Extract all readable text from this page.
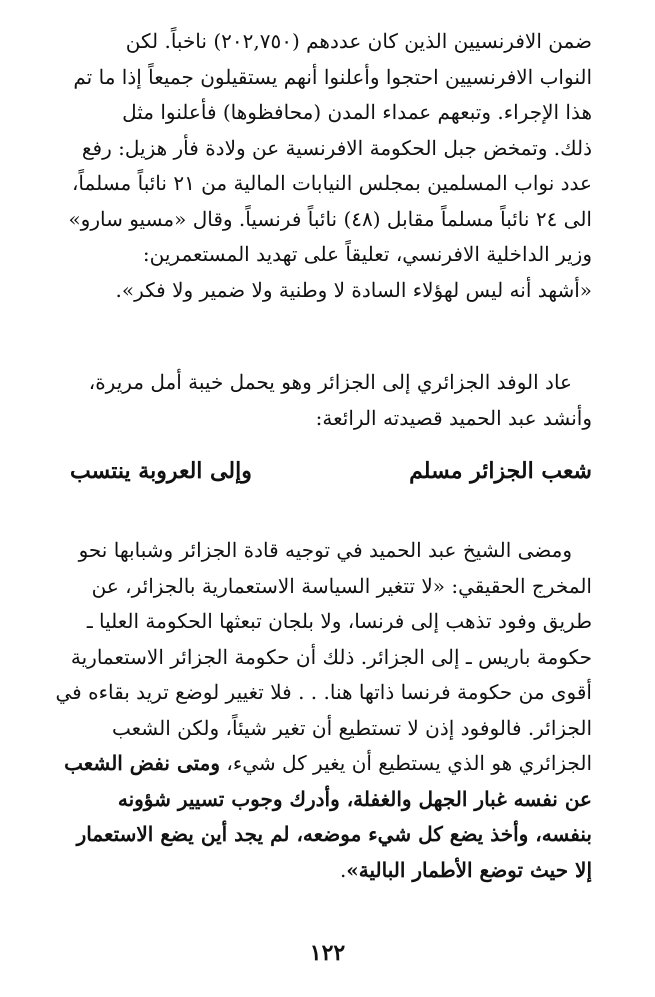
ضمن الافرنسيين الذين كان عددهم (٢٠٢,٧٥٠) ناخباً. لكن

النواب الافرنسيين احتجوا وأعلنوا أنهم يستقيلون جميعاً إذا ما تم

هذا الإجراء. وتبعهم عمداء المدن (محافظوها) فأعلنوا مثل

ذلك. وتمخض جبل الحكومة الافرنسية عن ولادة فأر هزيل: رفع

عدد نواب المسلمين بمجلس النيابات المالية من ٢١ نائباً مسلماً،

الى ٢٤ نائباً مسلماً مقابل (٤٨) نائباً فرنسياً. وقال «مسيو سارو»

وزير الداخلية الافرنسي، تعليقاً على تهديد المستعمرين:

«أشهد أنه ليس لهؤلاء السادة لا وطنية ولا ضمير ولا فكر».

عاد الوفد الجزائري إلى الجزائر وهو يحمل خيبة أمل مريرة،

وأنشد عبد الحميد قصيدته الرائعة:

شعب الجزائر مسلم
وإلى العروبة ينتسب

ومضى الشيخ عبد الحميد في توجيه قادة الجزائر وشبابها نحو

المخرج الحقيقي: «لا تتغير السياسة الاستعمارية بالجزائر، عن

طريق وفود تذهب إلى فرنسا، ولا بلجان تبعثها الحكومة العليا ـ

حكومة باريس ـ إلى الجزائر. ذلك أن حكومة الجزائر الاستعمارية

أقوى من حكومة فرنسا ذاتها هنا. . . فلا تغيير لوضع تريد بقاءه في

الجزائر. فالوفود إذن لا تستطيع أن تغير شيئاً، ولكن الشعب

الجزائري هو الذي يستطيع أن يغير كل شيء، ومتى نفض الشعب

عن نفسه غبار الجهل والغفلة، وأدرك وجوب تسيير شؤونه

بنفسه، وأخذ يضع كل شيء موضعه، لم يجد أين يضع الاستعمار

إلا حيث توضع الأطمار البالية».

١٢٢
